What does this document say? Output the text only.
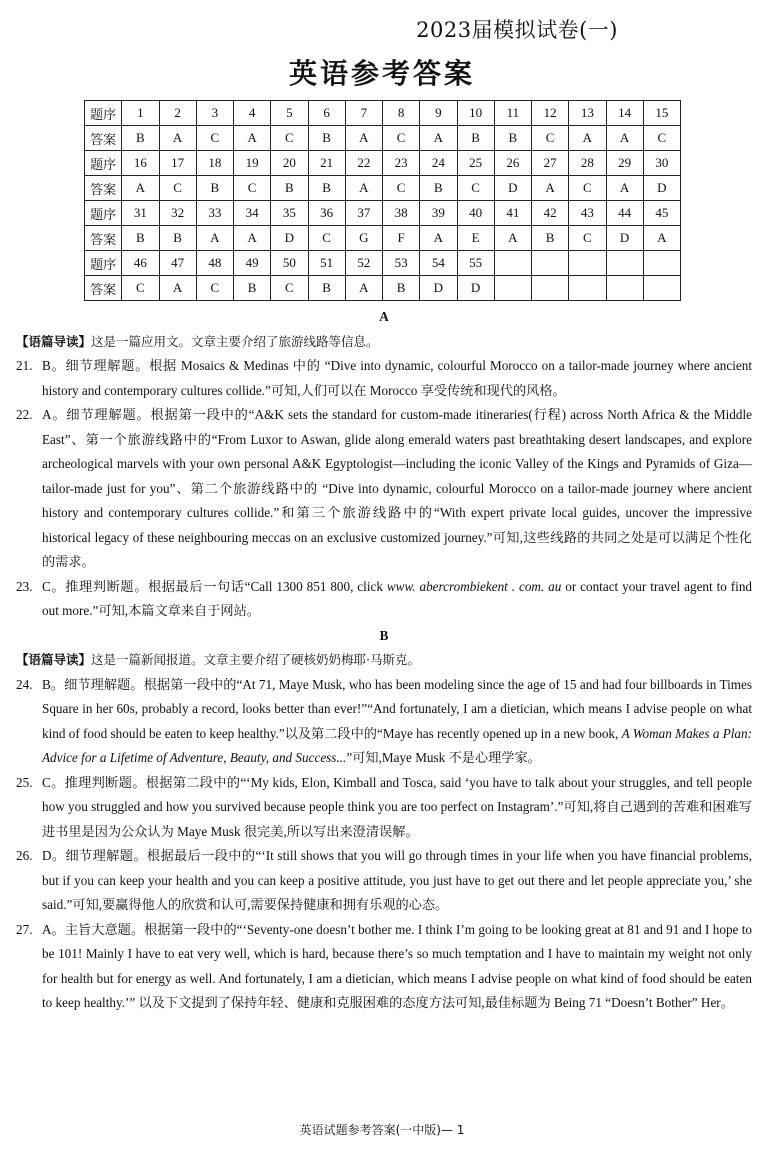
2023届模拟试卷(一)
英语参考答案
题序	1	2	3	4	5	6	7	8	9	10	11	12	13	14	15
答案	B	A	C	A	C	B	A	C	A	B	B	C	A	A	C
题序	16	17	18	19	20	21	22	23	24	25	26	27	28	29	30
答案	A	C	B	C	B	B	A	C	B	C	D	A	C	A	D
题序	31	32	33	34	35	36	37	38	39	40	41	42	43	44	45
答案	B	B	A	A	D	C	G	F	A	E	A	B	C	D	A
题序	46	47	48	49	50	51	52	53	54	55					
答案	C	A	C	B	C	B	A	B	D	D					
A
【语篇导读】这是一篇应用文。文章主要介绍了旅游线路等信息。
21. B。细节理解题。根据 Mosaics & Medinas 中的 “Dive into dynamic, colourful Morocco on a tailor-made journey where ancient history and contemporary cultures collide.”可知,人们可以在 Morocco 享受传统和现代的风格。
22. A。细节理解题。根据第一段中的“A&K sets the standard for custom-made itineraries(行程) across North Africa & the Middle East”、第一个旅游线路中的“From Luxor to Aswan, glide along emerald waters past breathtaking desert landscapes, and explore archeological marvels with your own personal A&K Egyptologist—including the iconic Valley of the Kings and Pyramids of Giza—tailor-made just for you”、第二个旅游线路中的 “Dive into dynamic, colourful Morocco on a tailor-made journey where ancient history and contemporary cultures collide.”和第三个旅游线路中的“With expert private local guides, uncover the impressive historical legacy of these neighbouring meccas on an exclusive customized journey.”可知,这些线路的共同之处是可以满足个性化的需求。
23. C。推理判断题。根据最后一句话“Call 1300 851 800, click www. abercrombiekent . com. au or contact your travel agent to find out more.”可知,本篇文章来自于网站。
B
【语篇导读】这是一篇新闻报道。文章主要介绍了硬核奶奶梅耶·马斯克。
24. B。细节理解题。根据第一段中的“At 71, Maye Musk, who has been modeling since the age of 15 and had four billboards in Times Square in her 60s, probably a record, looks better than ever!”“And fortunately, I am a dietician, which means I advise people on what kind of food should be eaten to keep healthy.”以及第二段中的“Maye has recently opened up in a new book, A Woman Makes a Plan: Advice for a Lifetime of Adventure, Beauty, and Success...”可知,Maye Musk 不是心理学家。
25. C。推理判断题。根据第二段中的“‘My kids, Elon, Kimball and Tosca, said ‘you have to talk about your struggles, and tell people how you struggled and how you survived because people think you are too perfect on Instagram’.”可知,将自己遇到的苦难和困难写进书里是因为公众认为 Maye Musk 很完美,所以写出来澄清误解。
26. D。细节理解题。根据最后一段中的“‘It still shows that you will go through times in your life when you have financial problems, but if you can keep your health and you can keep a positive attitude, you just have to get out there and let people appreciate you,’ she said.”可知,要赢得他人的欣赏和认可,需要保持健康和拥有乐观的心态。
27. A。主旨大意题。根据第一段中的“‘Seventy-one doesn’t bother me. I think I’m going to be looking great at 81 and 91 and I hope to be 101! Mainly I have to eat very well, which is hard, because there’s so much temptation and I have to maintain my weight not only for health but for energy as well. And fortunately, I am a dietician, which means I advise people on what kind of food should be eaten to keep healthy.’” 以及下文提到了保持年轻、健康和克服困难的态度方法可知,最佳标题为 Being 71 “Doesn’t Bother” Her。
英语试题参考答案(一中版)— 1
